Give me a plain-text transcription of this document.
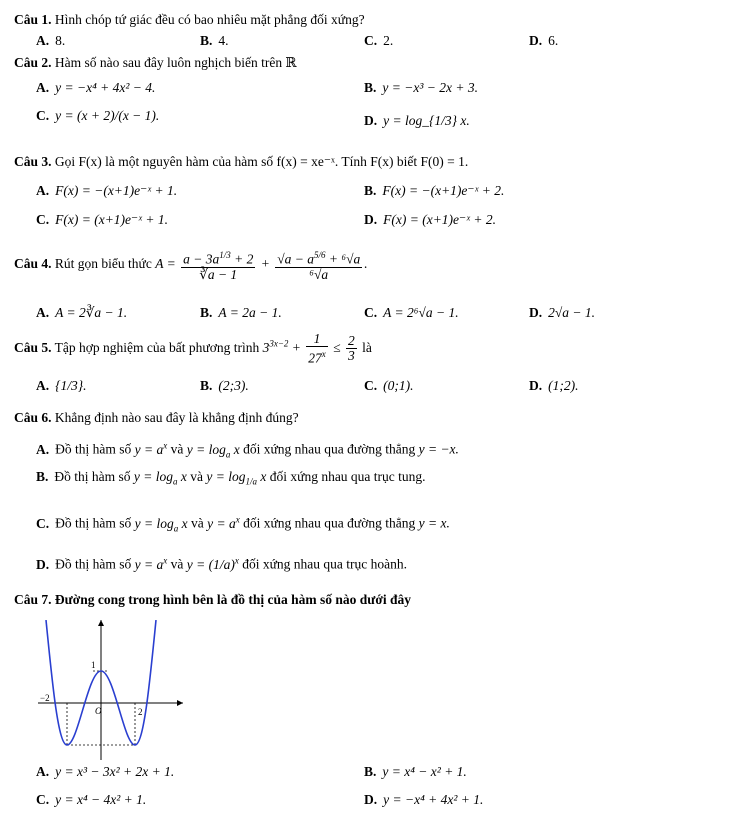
Câu 1. Hình chóp tứ giác đều có bao nhiêu mặt phẳng đối xứng?
A. 8.	B. 4.	C. 2.	D. 6.
Câu 2. Hàm số nào sau đây luôn nghịch biến trên ℝ
A. y = −x⁴ + 4x² − 4.	B. y = −x³ − 2x + 3.
C. y = (x + 2)/(x − 1).	D. y = log_{1/3} x.
Câu 3. Gọi F(x) là một nguyên hàm của hàm số f(x) = xe⁻ˣ. Tính F(x) biết F(0) = 1.
A. F(x) = −(x+1)e⁻ˣ + 1.	B. F(x) = −(x+1)e⁻ˣ + 2.
C. F(x) = (x+1)e⁻ˣ + 1.	D. F(x) = (x+1)e⁻ˣ + 2.
Câu 4. Rút gọn biểu thức $A = \frac{a - 3a^{1/3} + 2}{∛a - 1} + \frac{√a - a^{5/6} + ^6√a}{\text{⁶√a}}$ .
A. A = 2∛a − 1.	B. A = 2a − 1.	C. A = 2⁶√a − 1.	D. 2√a − 1.
Câu 5. Tập hợp nghiệm của bất phương trình $3^{3x-2} + \frac{1}{27^x} \le \frac{2}{3}$ là
A. {1/3}.	B. (2;3).	C. (0;1).	D. (1;2).
Câu 6. Khẳng định nào sau đây là khẳng định đúng?
A. Đồ thị hàm số $y = a^x$ và $y = \log_a x$ đối xứng nhau qua đường thẳng y = −x.
B. Đồ thị hàm số $y = \log_a x$ và $y = \log_{1/a} x$ đối xứng nhau qua trục tung.
C. Đồ thị hàm số $y = \log_a x$ và $y = a^x$ đối xứng nhau qua đường thẳng y = x.
D. Đồ thị hàm số $y = a^x$ và $y = (1/a)^x$ đối xứng nhau qua trục hoành.
Câu 7. Đường cong trong hình bên là đồ thị của hàm số nào dưới đây
−2
2
1
O
A. y = x³ − 3x² + 2x + 1.	B. y = x⁴ − x² + 1.
C. y = x⁴ − 4x² + 1.	D. y = −x⁴ + 4x² + 1.
